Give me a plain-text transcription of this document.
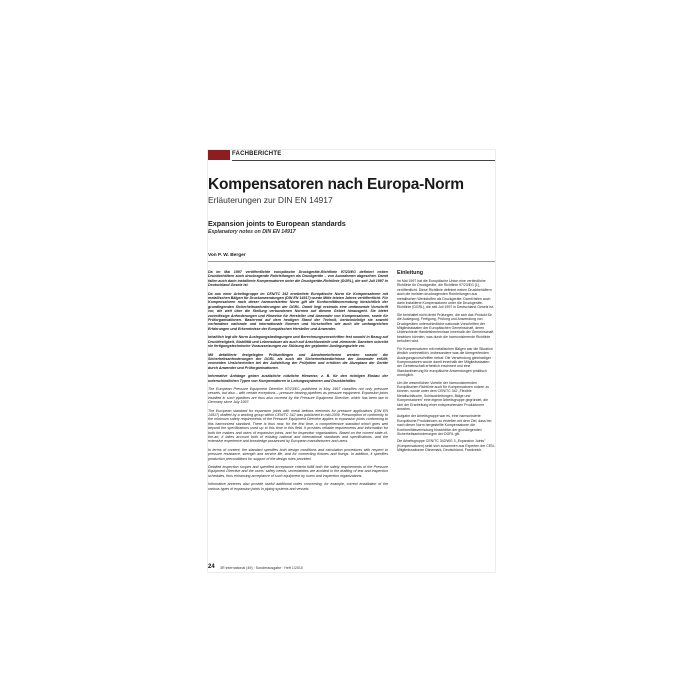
FACHBERICHTE
Kompensatoren nach Europa-Norm
Erläuterungen zur DIN EN 14917
Expansion joints to European standards
Explanatory notes on DIN EN 14917
Von P. W. Berger

Da im Mai 1997 veröffentlichte europäische Druckgeräte-Richtlinie 97/23/EG definiert neben Druckbehältern auch druckragende Rohrleitungen als Druckgeräte – von Ausnahmen abgesehen. Damit fallen auch darin installierte Kompensatoren unter die Druckgeräte-Richtlinie (DGRL), die seit Juli 1997 in Deutschland Gesetz ist.

Da aus einer Arbeitsgruppe im CEN/TC 342 erarbeitete Europäische Norm für Kompensatoren mit metallischen Bälgen für Druckanwendungen (DIN EN 14917) wurde Mitte letzten Jahres veröffentlicht. Für Kompensatoren nach dieser harmonisierten Norm gilt die Konformitätsvermutung hinsichtlich der grundlegenden Sicherheitsanforderungen der DGRL. Damit liegt erstmals eine umfassende Vorschrift vor, die weit über die Stellung verbundenen Normen auf diesem Gebiet hinausgeht. Sie bietet zuverlässige Anforderungen und Hinweise für Hersteller und Anwender von Kompensatoren, sowie für Prüforganisationen. Basierend auf dem heutigen Stand der Technik, berücksichtigt sie sowohl vorhandene nationale und internationale Normen und Vorschriften wie auch die umfangreichen Erfahrungen und Erkenntnisse der Europäischen Hersteller und Anwender.

Inhaltlich legt die Norm Auslegungsbedingungen und Berechnungsvorschriften fest sowohl in Bezug auf Druckfestigkeit, Stabilität und Lebensdauer als auch auf Anschlussteile und -elemente. Daneben schreibt sie fertigungstechnische Voraussetzungen zur Stützung der geplanten Auslegungsziele vor.

Mit detaillierte festgelegten Prüfumfängen und Abnahmekriterien werden sowohl die Sicherheitsanforderungen der DGRL als auch die Sicherheitsbedürfnisse der Anwender erfüllt; vermeiden Unsicherheiten bei der Aufstellung der Prüfpläne und erhöhen die Akzeptanz der Geräte durch Anwender und Prüforganisationen.

Informative Anhänge geben zusätzliche nützliche Hinweise, z. B. für den richtigen Einbau der unterschiedlichen Typen von Kompensatoren in Leitungssystemen und Druckbehälter.

The European Pressure Equipment Directive 97/23/EC published in May 1997 classifies not only pressure vessels, but also – with certain exceptions – pressure bearing pipelines as pressure equipment. Expansion joints installed in such pipelines are thus also covered by the Pressure Equipment Directive, which has been law in Germany since July 1997.

The European standard for expansion joints with metal bellows elements for pressure applications (DIN EN 14917) drafted by a working group within CEN/TC 342 was published in mid-2009. Presumption of conformity to the minimum safety requirements of the Pressure Equipment Directive applies to expansion joints conforming to this harmonized standard. There is thus now, for the first time, a comprehensive standard which goes well beyond the specifications used up to this time in this field. It provides reliable requirements and information for both the makers and users of expansion joints, and for inspection organizations. Based on the current state-of-the-art, it takes account both of existing national and international standards and specifications, and the extensive experience and knowledge possessed by European manufacturers and users.

In terms of content, the standard specifies both design conditions and calculation procedures with respect to pressure resistance, strength and service life, and for connecting fixtures and fixings. In addition, it specifies production preconditions for support of the design rules provided.

Detailed inspection scopes and specified acceptance criteria fulfill both the safety requirements of the Pressure Equipment Directive and the users' safety needs; uncertainties are avoided in the drafting of test and inspection schedules, thus enhancing acceptance of such equipment by users and inspection organizations.

Informative annexes also provide useful additional notes concerning, for example, correct installation of the various types of expansion joints in piping systems and vessels.

Einleitung

Im Mai 1997 hat die Europäische Union eine verbindliche Richtlinie für Druckgeräte, die Richtlinie 97/23/EG [1], veröffentlicht. Diese Richtlinie definiert neben Druckbehältern auch die meisten druckragenden Rohrleitungen aus metallischen Werkstoffen als Druckgeräte. Damit fallen auch darin installierte Kompensatoren unter die Druckgeräte-Richtlinie (DGRL), die seit Juli 1997 in Deutschland Gesetz ist.

Sie beinhaltet nicht direkt Prüfungen, die sich das Produkt für die Auslegung, Fertigung, Prüfung und Anwendung von Druckgeräten unterschiedliche nationale Vorschriften der Mitgliedsstaaten der Europäischen Gemeinschaft, deren Unterschiede Handelshemmnisse innerhalb der Gemeinschaft bewirken könnten, was durch die harmonisierende Richtlinie behoben wird.

Für Kompensatoren mit metallischen Bälgen war die Situation ähnlich uneinheitlich, insbesondere was die übergreifenden Auslegungsvorschriften betraf. Die Verwendung gleichartiger Kompensatoren wurde damit innerhalb der Mitgliedsstaaten der Gemeinschaft erheblich erschwert und eine Standardisierung für europäische Anwendungen praktisch unmöglich.

Um die wesentlichen Vorteile der harmonisierenden Europäischen Richtlinie auch für Kompensatoren nutzen zu können, wurde unter dem CEN/TC 342 „Flexible Metallschläuche, Schlauchleitungen, Bälge und Kompensatoren" eine eigene Arbeitsgruppe gegründet, die sich der Erarbeitung einer entsprechenden Produktnorm annahm.

Aufgabe der Arbeitsgruppe war es, eine harmonisierte Europäische Produktnorm zu erstellen mit dem Ziel, dass bei nach dieser Norm hergestellte Kompensatoren die Konformitätsvermutung hinsichtlich der grundlegenden Sicherheitsanforderungen der DGRL gilt.

Die Arbeitsgruppe CEN/TC 342/WG 3 „Expansion Joints" (Kompensatoren) setzt sich zusammen aus Experten der CEN-Mitgliedsnationen Dänemark, Deutschland, Frankreich,

24 3R international (49) · Sonderausgabe · Heft 1/2010
